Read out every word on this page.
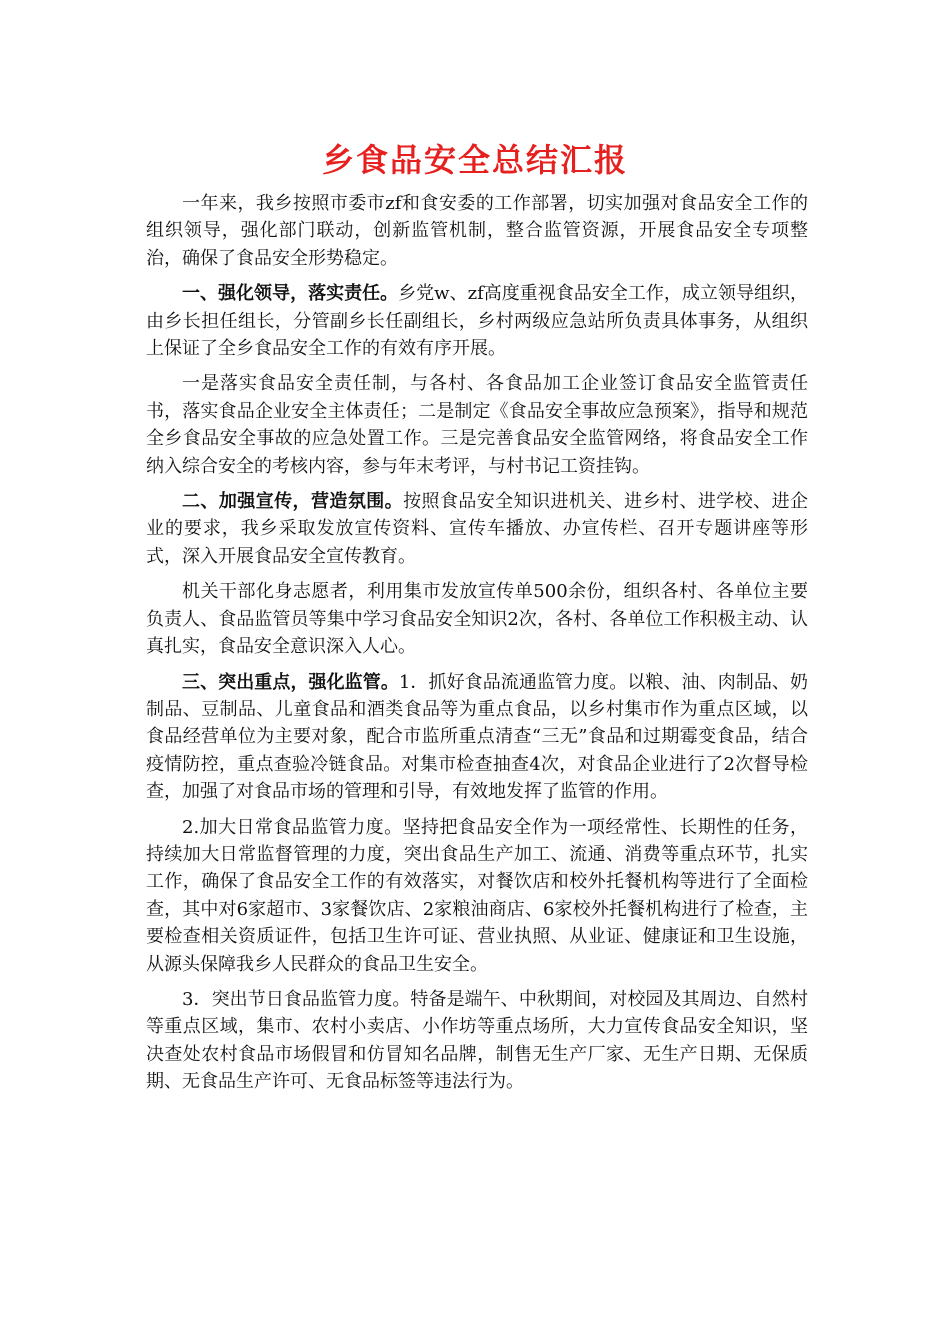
乡食品安全总结汇报

一年来，我乡按照市委市zf和食安委的工作部署，切实加强对食品安全工作的组织领导，强化部门联动，创新监管机制，整合监管资源，开展食品安全专项整治，确保了食品安全形势稳定。

一、强化领导，落实责任。乡党w、zf高度重视食品安全工作，成立领导组织，由乡长担任组长，分管副乡长任副组长，乡村两级应急站所负责具体事务，从组织上保证了全乡食品安全工作的有效有序开展。

一是落实食品安全责任制，与各村、各食品加工企业签订食品安全监管责任书，落实食品企业安全主体责任；二是制定《食品安全事故应急预案》，指导和规范全乡食品安全事故的应急处置工作。三是完善食品安全监管网络，将食品安全工作纳入综合安全的考核内容，参与年末考评，与村书记工资挂钩。

二、加强宣传，营造氛围。按照食品安全知识进机关、进乡村、进学校、进企业的要求，我乡采取发放宣传资料、宣传车播放、办宣传栏、召开专题讲座等形式，深入开展食品安全宣传教育。

机关干部化身志愿者，利用集市发放宣传单500余份，组织各村、各单位主要负责人、食品监管员等集中学习食品安全知识2次，各村、各单位工作积极主动、认真扎实，食品安全意识深入人心。

三、突出重点，强化监管。1．抓好食品流通监管力度。以粮、油、肉制品、奶制品、豆制品、儿童食品和酒类食品等为重点食品，以乡村集市作为重点区域，以食品经营单位为主要对象，配合市监所重点清查“三无”食品和过期霉变食品，结合疫情防控，重点查验冷链食品。对集市检查抽查4次，对食品企业进行了2次督导检查，加强了对食品市场的管理和引导，有效地发挥了监管的作用。

2.加大日常食品监管力度。坚持把食品安全作为一项经常性、长期性的任务，持续加大日常监督管理的力度，突出食品生产加工、流通、消费等重点环节，扎实工作，确保了食品安全工作的有效落实，对餐饮店和校外托餐机构等进行了全面检查，其中对6家超市、3家餐饮店、2家粮油商店、6家校外托餐机构进行了检查，主要检查相关资质证件，包括卫生许可证、营业执照、从业证、健康证和卫生设施，从源头保障我乡人民群众的食品卫生安全。

3．突出节日食品监管力度。特备是端午、中秋期间，对校园及其周边、自然村等重点区域，集市、农村小卖店、小作坊等重点场所，大力宣传食品安全知识，坚决查处农村食品市场假冒和仿冒知名品牌，制售无生产厂家、无生产日期、无保质期、无食品生产许可、无食品标签等违法行为。
